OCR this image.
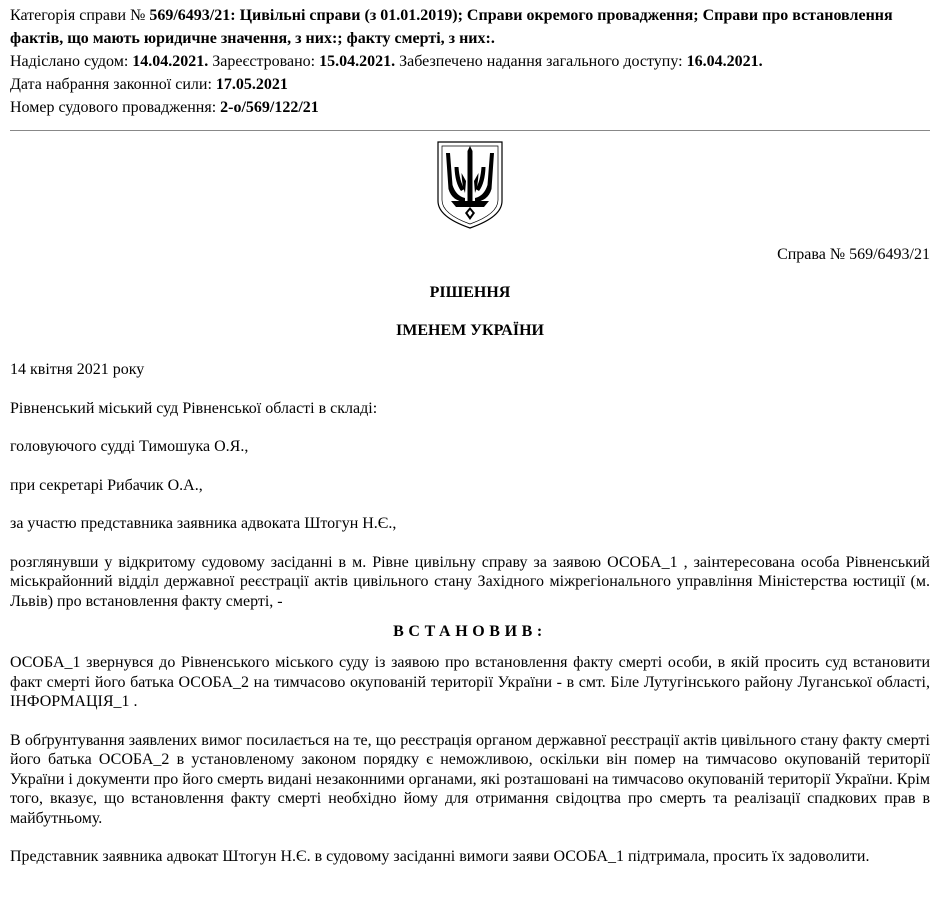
Категорія справи № 569/6493/21: Цивільні справи (з 01.01.2019); Справи окремого провадження; Справи про встановлення фактів, що мають юридичне значення, з них:; факту смерті, з них:.

Надіслано судом: 14.04.2021. Зареєстровано: 15.04.2021. Забезпечено надання загального доступу: 16.04.2021.

Дата набрання законної сили: 17.05.2021

Номер судового провадження: 2-о/569/122/21

Справа № 569/6493/21
РІШЕННЯ
ІМЕНЕМ УКРАЇНИ

14 квітня 2021 року

Рівненський міський суд Рівненської області в складі:

головуючого судді Тимошука О.Я.,

при секретарі Рибачик О.А.,

за участю представника заявника адвоката Штогун Н.Є.,

розглянувши у відкритому судовому засіданні в м. Рівне цивільну справу за заявою ОСОБА_1 , заінтересована особа Рівненський міськрайонний відділ державної реєстрації актів цивільного стану Західного міжрегіонального управління Міністерства юстиції (м. Львів) про встановлення факту смерті, -

ВСТАНОВИВ:

ОСОБА_1 звернувся до Рівненського міського суду із заявою про встановлення факту смерті особи, в якій просить суд встановити факт смерті його батька ОСОБА_2 на тимчасово окупованій території України - в смт. Біле Лутугінського району Луганської області, ІНФОРМАЦІЯ_1 .

В обґрунтування заявлених вимог посилається на те, що реєстрація органом державної реєстрації актів цивільного стану факту смерті його батька ОСОБА_2 в установленому законом порядку є неможливою, оскільки він помер на тимчасово окупованій території України і документи про його смерть видані незаконними органами, які розташовані на тимчасово окупованій території України. Крім того, вказує, що встановлення факту смерті необхідно йому для отримання свідоцтва про смерть та реалізації спадкових прав в майбутньому.

Представник заявника адвокат Штогун Н.Є. в судовому засіданні вимоги заяви ОСОБА_1 підтримала, просить їх задоволити.
